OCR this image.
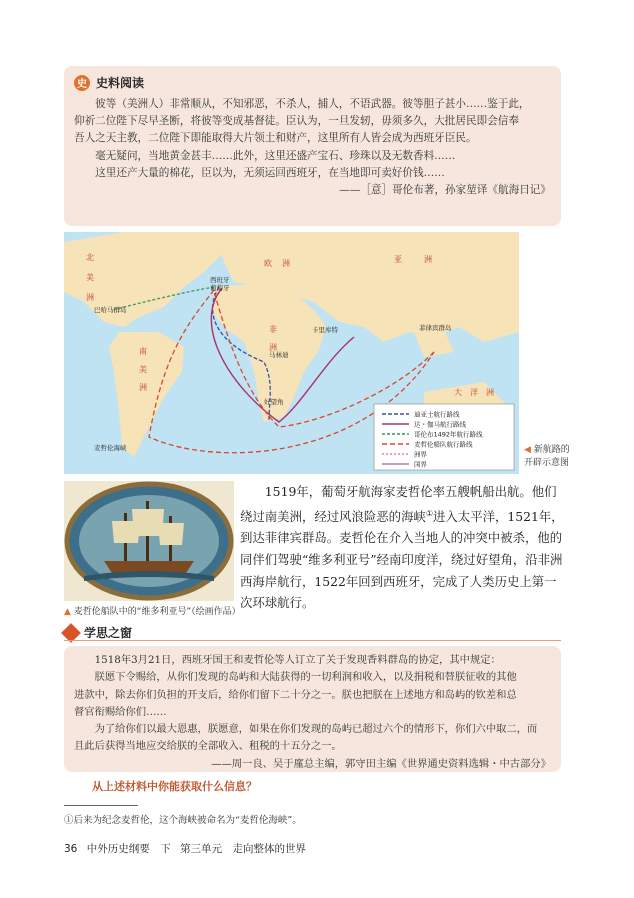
史 史料阅读

　　彼等（美洲人）非常顺从，不知邪恶，不杀人，捕人，不语武器。彼等胆子甚小……鉴于此，

仰祈二位陛下尽早圣断，将彼等变成基督徒。臣认为，一旦发轫，毋须多久，大批居民即会信奉

吾人之天主教，二位陛下即能取得大片领土和财产，这里所有人皆会成为西班牙臣民。

　　毫无疑问，当地黄金甚丰……此外，这里还盛产宝石、珍珠以及无数香料……

　　这里还产大量的棉花，臣以为，无须运回西班牙，在当地即可卖好价钱……

——［意］哥伦布著，孙家堃译《航海日记》

北
美
洲
欧 洲	亚	洲
非
洲
南
美
洲
大 洋 洲
西班牙
葡萄牙
巴哈马群岛
卡里库特	菲律宾群岛
马林迪
好望角
麦哲伦海峡
迪亚士航行路线
达・伽马航行路线
哥伦布1492年航行路线
麦哲伦船队航行路线
洲界
国界
◀ 新航路的开辟示意图
▲ 麦哲伦船队中的“维多利亚号”（绘画作品）
1519年，葡萄牙航海家麦哲伦率五艘帆船出航。他们绕过南美洲，经过风浪险恶的海峡①进入太平洋，1521年，到达菲律宾群岛。麦哲伦在介入当地人的冲突中被杀，他的同伴们驾驶“维多利亚号”经南印度洋，绕过好望角，沿非洲西海岸航行，1522年回到西班牙，完成了人类历史上第一次环球航行。
学思之窗

　　1518年3月21日，西班牙国王和麦哲伦等人订立了关于发现香料群岛的协定，其中规定：

　　朕愿下令赐给，从你们发现的岛屿和大陆获得的一切利润和收入，以及捐税和替朕征收的其他

进款中，除去你们负担的开支后，给你们留下二十分之一。朕也把朕在上述地方和岛屿的钦差和总

督官衔赐给你们……

　　为了给你们以最大恩惠，朕愿意，如果在你们发现的岛屿已超过六个的情形下，你们六中取二，而

且此后获得当地应交给朕的全部收入、租税的十五分之一。

——周一良、吴于廑总主编，郭守田主编《世界通史资料选辑・中古部分》

从上述材料中你能获取什么信息？
①后来为纪念麦哲伦，这个海峡被命名为“麦哲伦海峡”。
36 中外历史纲要　下 第三单元　走向整体的世界
